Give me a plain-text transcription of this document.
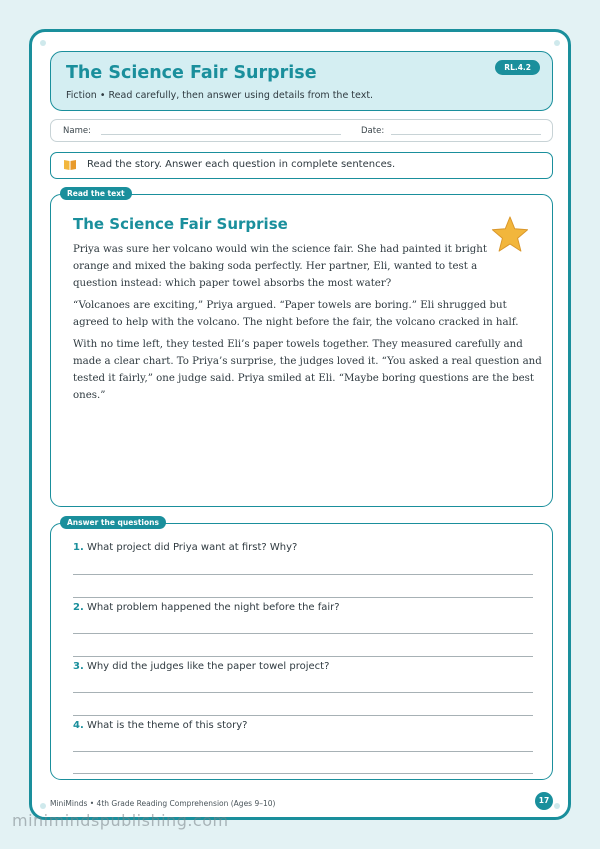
The Science Fair Surprise
Fiction • Read carefully, then answer using details from the text.
RL.4.2
Name:	Date:
Read the story. Answer each question in complete sentences.
Read the text
The Science Fair Surprise

Priya was sure her volcano would win the science fair. She had painted it bright orange and mixed the baking soda perfectly. Her partner, Eli, wanted to test a question instead: which paper towel absorbs the most water?

“Volcanoes are exciting,” Priya argued. “Paper towels are boring.” Eli shrugged but agreed to help with the volcano. The night before the fair, the volcano cracked in half.

With no time left, they tested Eli’s paper towels together. They measured carefully and made a clear chart. To Priya’s surprise, the judges loved it. “You asked a real question and tested it fairly,” one judge said. Priya smiled at Eli. “Maybe boring questions are the best ones.”

Answer the questions
1. What project did Priya want at first? Why?
2. What problem happened the night before the fair?
3. Why did the judges like the paper towel project?
4. What is the theme of this story?
MiniMinds • 4th Grade Reading Comprehension (Ages 9–10)	17
minimindspublishing.com
